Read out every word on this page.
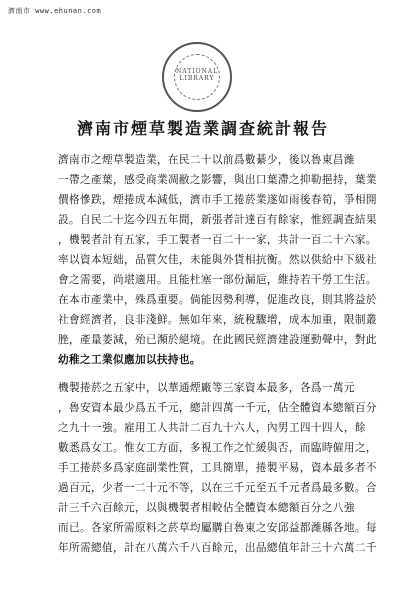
濟南市 www.ehunan.com
NATIONAL LIBRARY
濟南市煙草製造業調查統計報告
濟南市之煙草製造業，在民二十以前爲數綦少，後以魯東昌濰
一帶之產葉，感受商業凋敝之影響，與出口葉滯之抑勒挹持，葉業
價格慘跌，煙捲成本減低，濟市手工捲菸業遂如雨後春筍，爭相開
設。自民二十迄今四五年間，新張者計達百有餘家，惟經調查結果
，機製者計有五家，手工製者一百二十一家，共計一百二十六家。
率以資本短絀，品質欠佳，未能與外貨相抗衡。然以供給中下級社
會之需要，尚堪適用。且能杜塞一部份漏巵，維持若干勞工生活。
在本市產業中，殊爲重要。倘能因勢利導，促進改良，則其將益於
社會經濟者，良非淺鮮。無如年來，統稅驟增，成本加重，限制叢
脞，產量萎減，殆已瀕於絕境。在此國民經濟建設運動聲中，對此
幼稚之工業似應加以扶持也。
機製捲菸之五家中，以華通煙廠等三家資本最多，各爲一萬元
，魯安資本最少爲五千元，總計四萬一千元，佔全體資本總額百分
之九十一強。雇用工人共計二百九十六人，內男工四十四人，餘
數悉爲女工。惟女工方面，多視工作之忙緩與否，而臨時僱用之，
手工捲菸多爲家庭副業性質，工具簡單，捲製平易，資本最多者不
過百元，少者一二十元不等，以在三千元至五千元者爲最多數。合
計三千六百餘元，以與機製者相較佔全體資本總額百分之八強
而已。各家所需原料之菸草均屬購自魯東之安邱益都濰縣各地。每
年所需總值，計在八萬六千八百餘元，出品總值年計三十六萬二千
